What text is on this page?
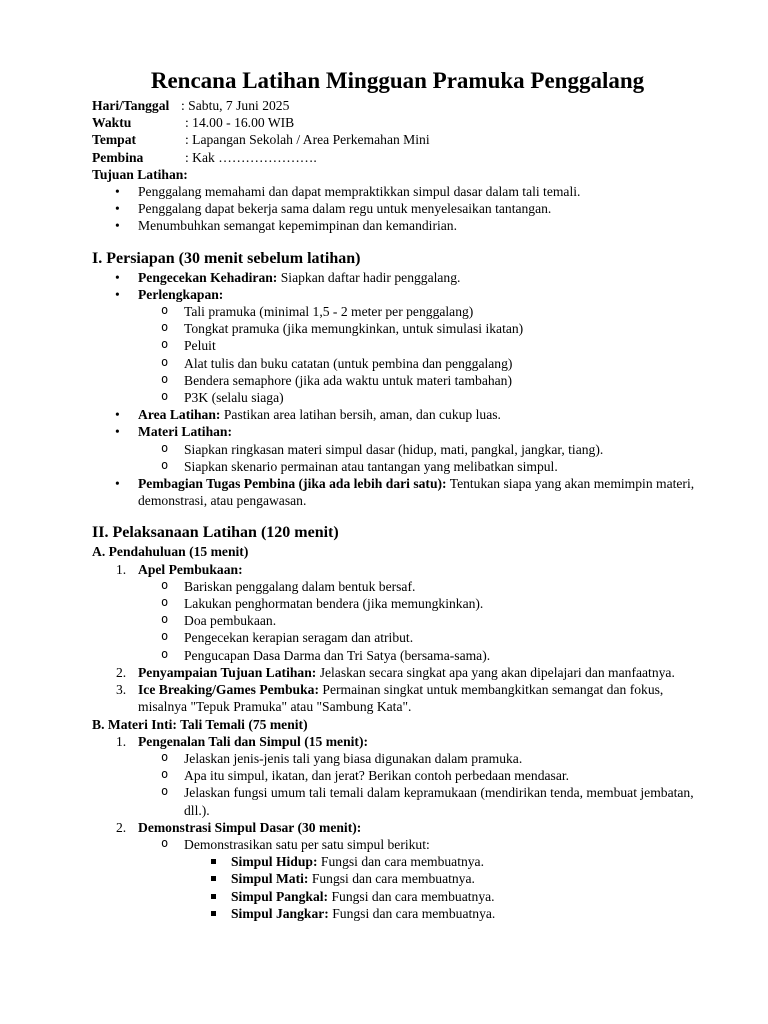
Rencana Latihan Mingguan Pramuka Penggalang
Hari/Tanggal : Sabtu, 7 Juni 2025
Waktu	: 14.00 - 16.00 WIB
Tempat	: Lapangan Sekolah / Area Perkemahan Mini
Pembina	: Kak ………………….
Tujuan Latihan:
• Penggalang memahami dan dapat mempraktikkan simpul dasar dalam tali temali.
• Penggalang dapat bekerja sama dalam regu untuk menyelesaikan tantangan.
• Menumbuhkan semangat kepemimpinan dan kemandirian.
I. Persiapan (30 menit sebelum latihan)
• Pengecekan Kehadiran: Siapkan daftar hadir penggalang.
• Perlengkapan:
o Tali pramuka (minimal 1,5 - 2 meter per penggalang)
o Tongkat pramuka (jika memungkinkan, untuk simulasi ikatan)
o Peluit
o Alat tulis dan buku catatan (untuk pembina dan penggalang)
o Bendera semaphore (jika ada waktu untuk materi tambahan)
o P3K (selalu siaga)
• Area Latihan: Pastikan area latihan bersih, aman, dan cukup luas.
• Materi Latihan:
o Siapkan ringkasan materi simpul dasar (hidup, mati, pangkal, jangkar, tiang).
o Siapkan skenario permainan atau tantangan yang melibatkan simpul.
• Pembagian Tugas Pembina (jika ada lebih dari satu): Tentukan siapa yang akan memimpin materi, demonstrasi, atau pengawasan.
II. Pelaksanaan Latihan (120 menit)
A. Pendahuluan (15 menit)
1. Apel Pembukaan:
o Bariskan penggalang dalam bentuk bersaf.
o Lakukan penghormatan bendera (jika memungkinkan).
o Doa pembukaan.
o Pengecekan kerapian seragam dan atribut.
o Pengucapan Dasa Darma dan Tri Satya (bersama-sama).
2. Penyampaian Tujuan Latihan: Jelaskan secara singkat apa yang akan dipelajari dan manfaatnya.
3. Ice Breaking/Games Pembuka: Permainan singkat untuk membangkitkan semangat dan fokus, misalnya "Tepuk Pramuka" atau "Sambung Kata".
B. Materi Inti: Tali Temali (75 menit)
1. Pengenalan Tali dan Simpul (15 menit):
o Jelaskan jenis-jenis tali yang biasa digunakan dalam pramuka.
o Apa itu simpul, ikatan, dan jerat? Berikan contoh perbedaan mendasar.
o Jelaskan fungsi umum tali temali dalam kepramukaan (mendirikan tenda, membuat jembatan, dll.).
2. Demonstrasi Simpul Dasar (30 menit):
o Demonstrasikan satu per satu simpul berikut:
Simpul Hidup: Fungsi dan cara membuatnya.
Simpul Mati: Fungsi dan cara membuatnya.
Simpul Pangkal: Fungsi dan cara membuatnya.
Simpul Jangkar: Fungsi dan cara membuatnya.
